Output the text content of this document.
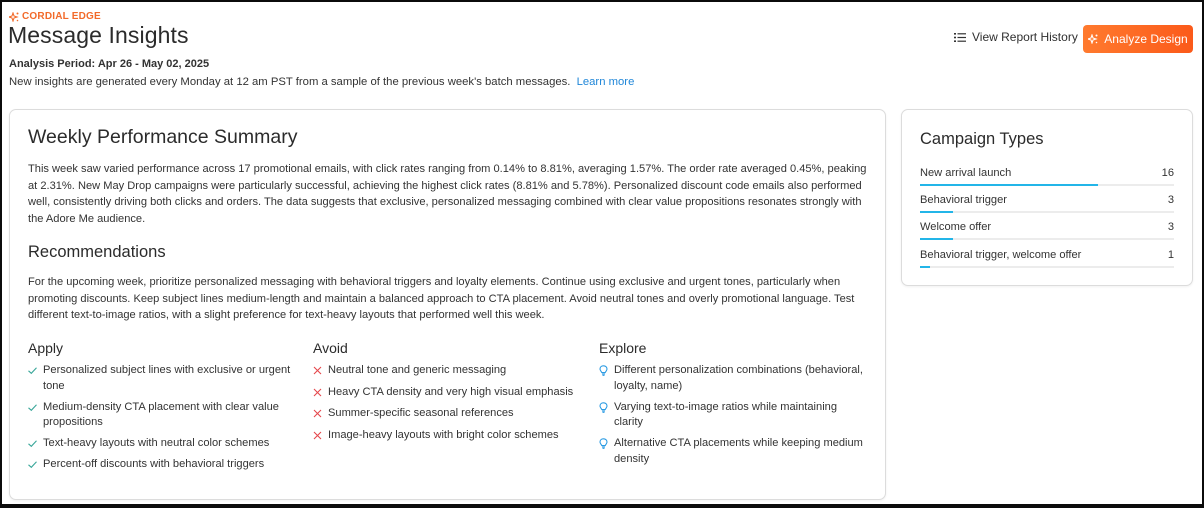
CORDIAL EDGE
Message Insights
Analysis Period: Apr 26 - May 02, 2025
New insights are generated every Monday at 12 am PST from a sample of the previous week's batch messages. Learn more
View Report History Analyze Design
Weekly Performance Summary

This week saw varied performance across 17 promotional emails, with click rates ranging from 0.14% to 8.81%, averaging 1.57%. The order rate averaged 0.45%, peaking at 2.31%. New May Drop campaigns were particularly successful, achieving the highest click rates (8.81% and 5.78%). Personalized discount code emails also performed well, consistently driving both clicks and orders. The data suggests that exclusive, personalized messaging combined with clear value propositions resonates strongly with the Adore Me audience.

Recommendations

For the upcoming week, prioritize personalized messaging with behavioral triggers and loyalty elements. Continue using exclusive and urgent tones, particularly when promoting discounts. Keep subject lines medium-length and maintain a balanced approach to CTA placement. Avoid neutral tones and overly promotional language. Test different text-to-image ratios, with a slight preference for text-heavy layouts that performed well this week.

Apply
Personalized subject lines with exclusive or urgent tone
Medium-density CTA placement with clear value propositions
Text-heavy layouts with neutral color schemes
Percent-off discounts with behavioral triggers
Avoid
Neutral tone and generic messaging
Heavy CTA density and very high visual emphasis
Summer-specific seasonal references
Image-heavy layouts with bright color schemes
Explore
Different personalization combinations (behavioral, loyalty, name)
Varying text-to-image ratios while maintaining clarity
Alternative CTA placements while keeping medium density
Campaign Types
New arrival launch	16
Behavioral trigger	3
Welcome offer	3
Behavioral trigger, welcome offer	1
